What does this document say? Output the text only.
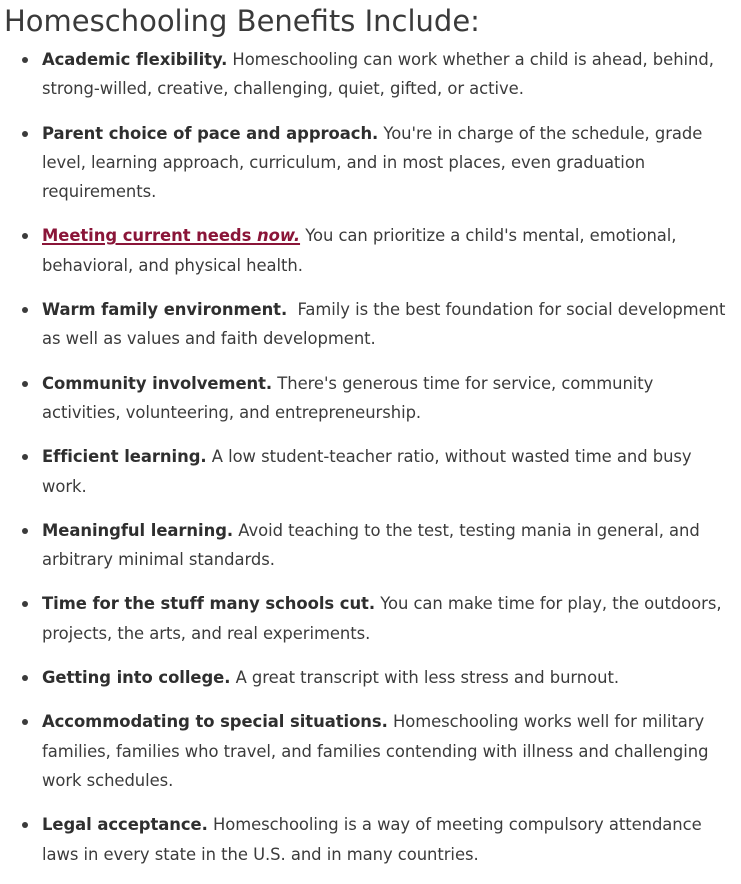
Homeschooling Benefits Include:
Academic flexibility. Homeschooling can work whether a child is ahead, behind, strong-willed, creative, challenging, quiet, gifted, or active.
Parent choice of pace and approach. You're in charge of the schedule, grade level, learning approach, curriculum, and in most places, even graduation requirements.
Meeting current needs now. You can prioritize a child's mental, emotional, behavioral, and physical health.
Warm family environment.  Family is the best foundation for social development as well as values and faith development.
Community involvement. There's generous time for service, community activities, volunteering, and entrepreneurship.
Efficient learning. A low student-teacher ratio, without wasted time and busy work.
Meaningful learning. Avoid teaching to the test, testing mania in general, and arbitrary minimal standards.
Time for the stuff many schools cut. You can make time for play, the outdoors, projects, the arts, and real experiments.
Getting into college. A great transcript with less stress and burnout.
Accommodating to special situations. Homeschooling works well for military families, families who travel, and families contending with illness and challenging work schedules.
Legal acceptance. Homeschooling is a way of meeting compulsory attendance laws in every state in the U.S. and in many countries.
